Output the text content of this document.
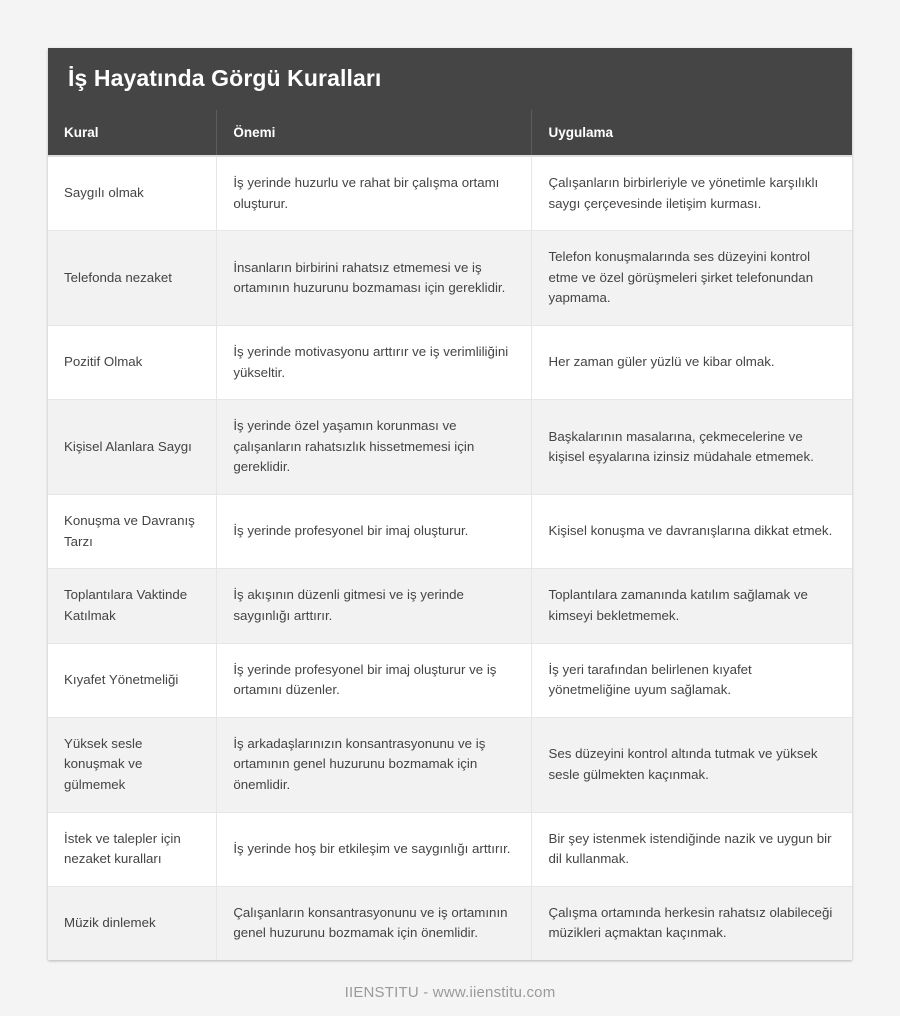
İş Hayatında Görgü Kuralları
Kural	Önemi	Uygulama
Saygılı olmak	İş yerinde huzurlu ve rahat bir çalışma ortamı oluşturur.	Çalışanların birbirleriyle ve yönetimle karşılıklı saygı çerçevesinde iletişim kurması.
Telefonda nezaket	İnsanların birbirini rahatsız etmemesi ve iş ortamının huzurunu bozmaması için gereklidir.	Telefon konuşmalarında ses düzeyini kontrol etme ve özel görüşmeleri şirket telefonundan yapmama.
Pozitif Olmak	İş yerinde motivasyonu arttırır ve iş verimliliğini yükseltir.	Her zaman güler yüzlü ve kibar olmak.
Kişisel Alanlara Saygı	İş yerinde özel yaşamın korunması ve çalışanların rahatsızlık hissetmemesi için gereklidir.	Başkalarının masalarına, çekmecelerine ve kişisel eşyalarına izinsiz müdahale etmemek.
Konuşma ve Davranış Tarzı	İş yerinde profesyonel bir imaj oluşturur.	Kişisel konuşma ve davranışlarına dikkat etmek.
Toplantılara Vaktinde Katılmak	İş akışının düzenli gitmesi ve iş yerinde saygınlığı arttırır.	Toplantılara zamanında katılım sağlamak ve kimseyi bekletmemek.
Kıyafet Yönetmeliği	İş yerinde profesyonel bir imaj oluşturur ve iş ortamını düzenler.	İş yeri tarafından belirlenen kıyafet yönetmeliğine uyum sağlamak.
Yüksek sesle konuşmak ve gülmemek	İş arkadaşlarınızın konsantrasyonunu ve iş ortamının genel huzurunu bozmamak için önemlidir.	Ses düzeyini kontrol altında tutmak ve yüksek sesle gülmekten kaçınmak.
İstek ve talepler için nezaket kuralları	İş yerinde hoş bir etkileşim ve saygınlığı arttırır.	Bir şey istenmek istendiğinde nazik ve uygun bir dil kullanmak.
Müzik dinlemek	Çalışanların konsantrasyonunu ve iş ortamının genel huzurunu bozmamak için önemlidir.	Çalışma ortamında herkesin rahatsız olabileceği müzikleri açmaktan kaçınmak.
IIENSTITU - www.iienstitu.com
